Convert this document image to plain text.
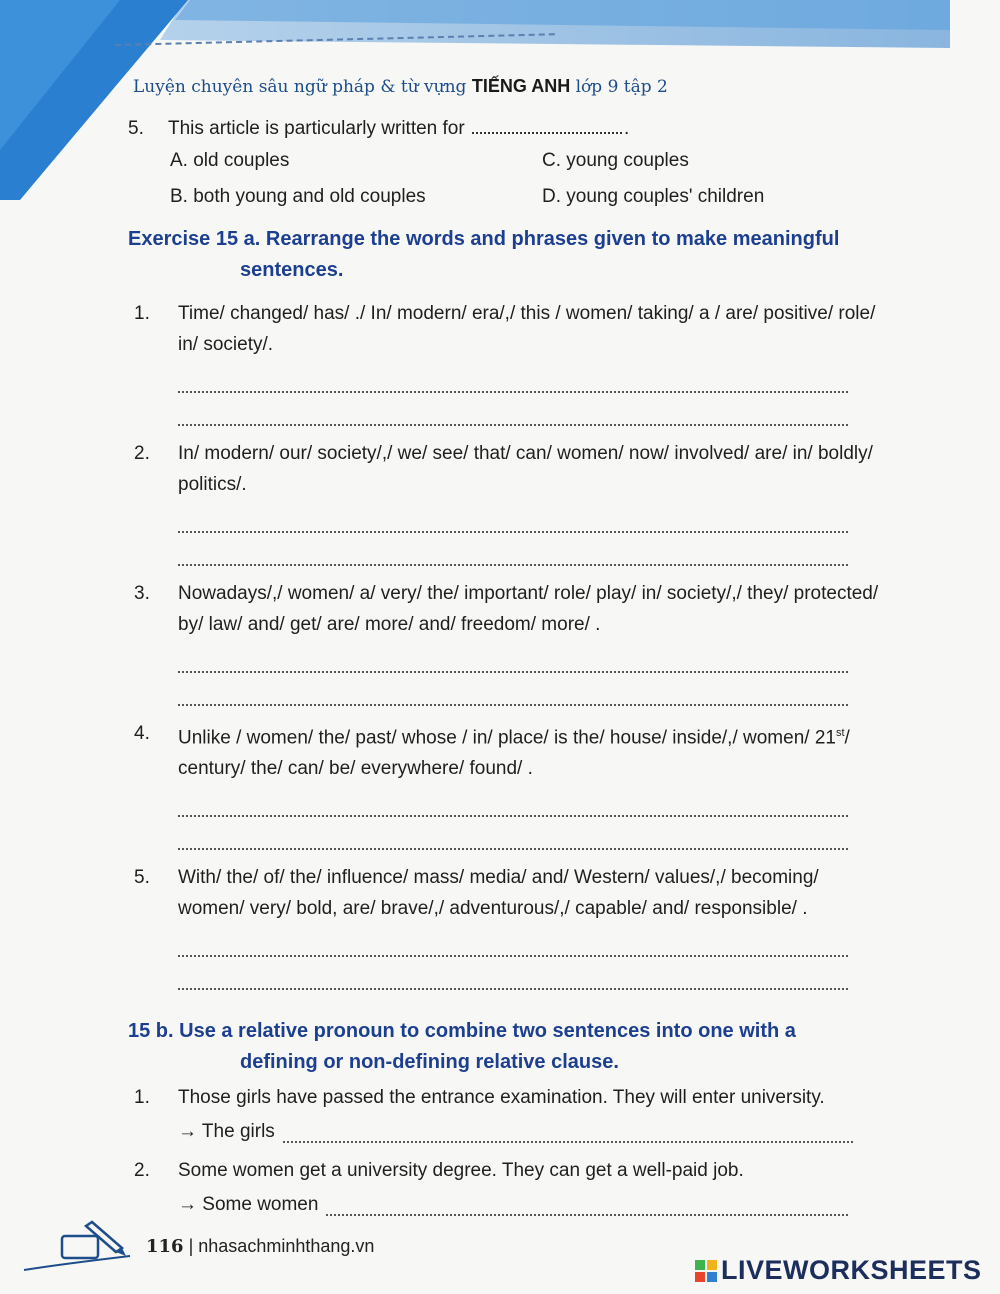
Luyện chuyên sâu ngữ pháp & từ vựng TIẾNG ANH lớp 9 tập 2
5. This article is particularly written for	.
A. old couples	C. young couples
B. both young and old couples	D. young couples' children
Exercise 15 a. Rearrange the words and phrases given to make meaningful
sentences.
1.	Time/ changed/ has/ ./ In/ modern/ era/,/ this / women/ taking/ a / are/ positive/ role/ in/ society/.
2.	In/ modern/ our/ society/,/ we/ see/ that/ can/ women/ now/ involved/ are/ in/ boldly/ politics/.
3.	Nowadays/,/ women/ a/ very/ the/ important/ role/ play/ in/ society/,/ they/ protected/ by/ law/ and/ get/ are/ more/ and/ freedom/ more/ .
4.	Unlike / women/ the/ past/ whose / in/ place/ is the/ house/ inside/,/ women/ 21st/ century/ the/ can/ be/ everywhere/ found/ .
5.	With/ the/ of/ the/ influence/ mass/ media/ and/ Western/ values/,/ becoming/ women/ very/ bold, are/ brave/,/ adventurous/,/ capable/ and/ responsible/ .
15 b. Use a relative pronoun to combine two sentences into one with a
defining or non-defining relative clause.
1.	Those girls have passed the entrance examination. They will enter university.
→ The girls
2.	Some women get a university degree. They can get a well-paid job.
→ Some women
116 | nhasachminhthang.vn
LIVEWORKSHEETS
